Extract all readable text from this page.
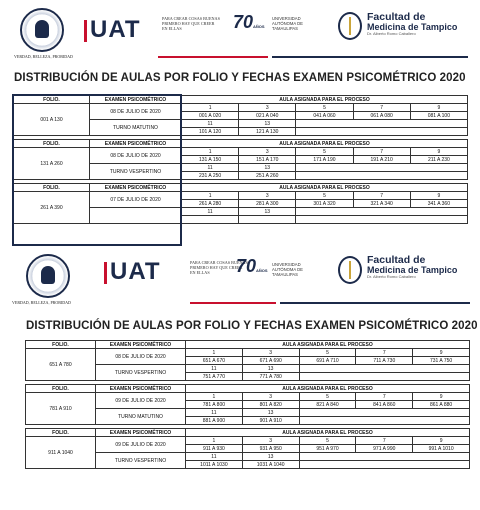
VERDAD, BELLEZA, PROBIDAD
UAT	PARA CREAR COSAS BUENAS PRIMERO HAY QUE CREER EN ELLAS	70AÑOS
UNIVERSIDAD AUTÓNOMA DE TAMAULIPAS
Facultad de
Medicina de Tampico
Dr. Alberto Romo Caballero
DISTRIBUCIÓN DE AULAS POR FOLIO Y FECHAS EXAMEN PSICOMÉTRICO 2020
FOLIO.	EXAMEN PSICOMÉTRICO	AULA ASIGNADA PARA EL PROCESO				
001 A 130	08 DE JULIO DE 2020	1	3	5	7	9
		001 A 020	021 A 040	041 A 060	061 A 080	081 A 100
	TURNO MATUTINO	11	13			
		101 A 120	121 A 130			

FOLIO.	EXAMEN PSICOMÉTRICO	AULA ASIGNADA PARA EL PROCESO				
131 A 260	08 DE JULIO DE 2020	1	3	5	7	9
		131 A 150	151 A 170	171 A 190	191 A 210	211 A 230
	TURNO VESPERTINO	11	13			
		231 A 250	251 A 260			

FOLIO.	EXAMEN PSICOMÉTRICO	AULA ASIGNADA PARA EL PROCESO				
261 A 390	07 DE JULIO DE 2020	1	3	5	7	9
		261 A 280	281 A 300	301 A 320	321 A 340	341 A 360
		11	13			

VERDAD, BELLEZA, PROBIDAD
UAT	PARA CREAR COSAS BUENAS PRIMERO HAY QUE CREER EN ELLAS	70AÑOS
UNIVERSIDAD AUTÓNOMA DE TAMAULIPAS
Facultad de
Medicina de Tampico
Dr. Alberto Romo Caballero
DISTRIBUCIÓN DE AULAS POR FOLIO Y FECHAS EXAMEN PSICOMÉTRICO 2020
FOLIO.	EXAMEN PSICOMÉTRICO	AULA ASIGNADA PARA EL PROCESO				
651 A 780	08 DE JULIO DE 2020	1	3	5	7	9
		651 A 670	671 A 690	691 A 710	711 A 730	731 A 750
	TURNO VESPERTINO	11	13			
		751 A 770	771 A 780			

FOLIO.	EXAMEN PSICOMÉTRICO	AULA ASIGNADA PARA EL PROCESO				
781 A 910	09 DE JULIO DE 2020	1	3	5	7	9
		781 A 800	801 A 820	821 A 840	841 A 860	861 A 880
	TURNO MATUTINO	11	13			
		881 A 900	901 A 910			

FOLIO.	EXAMEN PSICOMÉTRICO	AULA ASIGNADA PARA EL PROCESO				
911 A 1040	09 DE JULIO DE 2020	1	3	5	7	9
		911 A 930	931 A 950	951 A 970	971 A 990	991 A 1010
	TURNO VESPERTINO	11	13			
		1011 A 1030	1031 A 1040			
